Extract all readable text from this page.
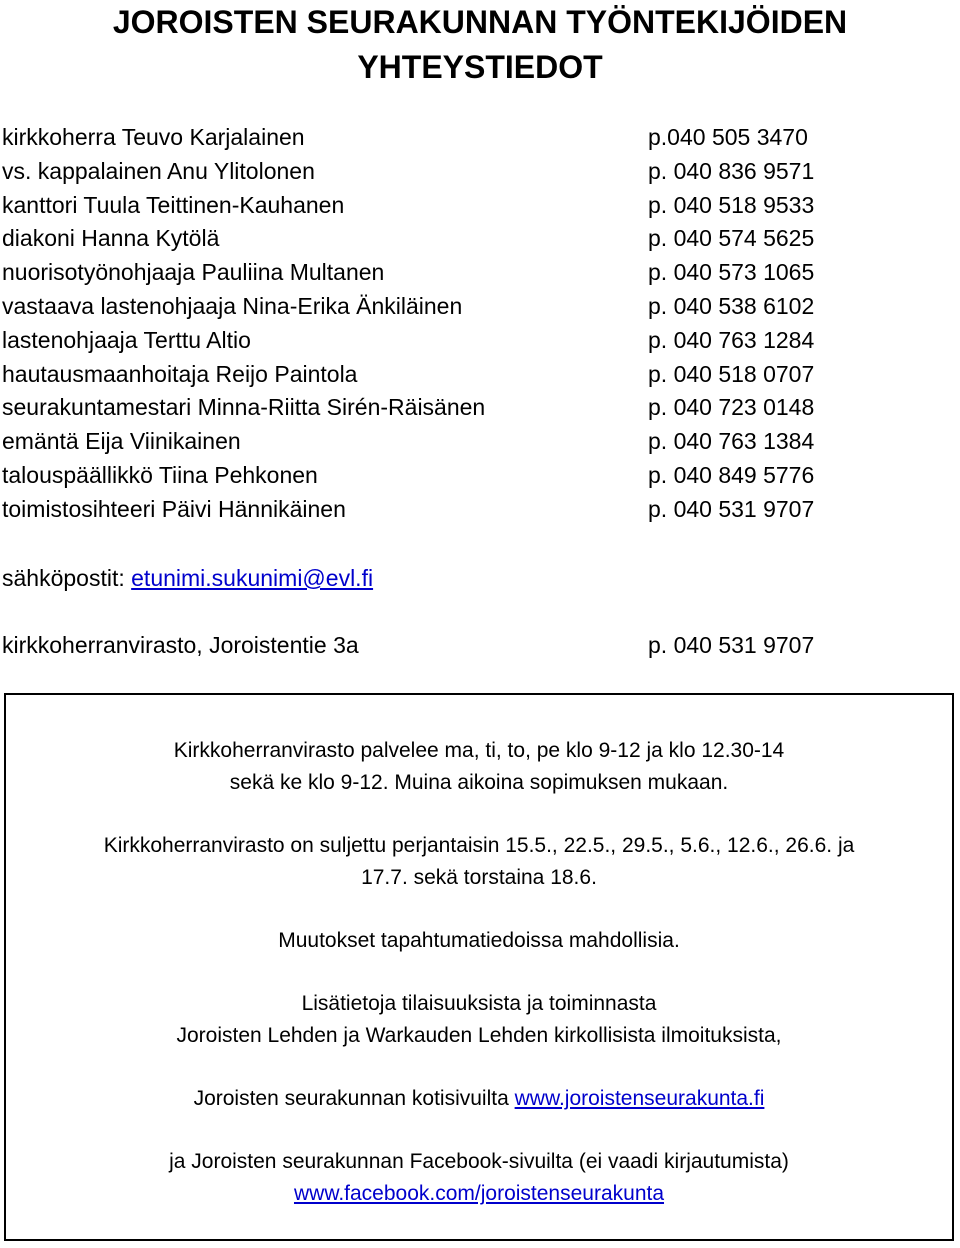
JOROISTEN SEURAKUNNAN TYÖNTEKIJÖIDEN
YHTEYSTIEDOT
kirkkoherra Teuvo Karjalainen	p.040 505 3470
vs. kappalainen Anu Ylitolonen	p. 040 836 9571
kanttori Tuula Teittinen-Kauhanen	p. 040 518 9533
diakoni Hanna Kytölä	p. 040 574 5625
nuorisotyönohjaaja Pauliina Multanen	p. 040 573 1065
vastaava lastenohjaaja Nina-Erika Änkiläinen	p. 040 538 6102
lastenohjaaja Terttu Altio	p. 040 763 1284
hautausmaanhoitaja Reijo Paintola	p. 040 518 0707
seurakuntamestari Minna-Riitta Sirén-Räisänen	p. 040 723 0148
emäntä Eija Viinikainen	p. 040 763 1384
talouspäällikkö Tiina Pehkonen	p. 040 849 5776
toimistosihteeri Päivi Hännikäinen	p. 040 531 9707
sähköpostit: etunimi.sukunimi@evl.fi
kirkkoherranvirasto, Joroistentie 3a	p. 040 531 9707

Kirkkoherranvirasto palvelee ma, ti, to, pe klo 9-12 ja klo 12.30-14

sekä ke klo 9-12. Muina aikoina sopimuksen mukaan.

Kirkkoherranvirasto on suljettu perjantaisin 15.5., 22.5., 29.5., 5.6., 12.6., 26.6. ja

17.7. sekä torstaina 18.6.

Muutokset tapahtumatiedoissa mahdollisia.

Lisätietoja tilaisuuksista ja toiminnasta

Joroisten Lehden ja Warkauden Lehden kirkollisista ilmoituksista,

Joroisten seurakunnan kotisivuilta www.joroistenseurakunta.fi

ja Joroisten seurakunnan Facebook-sivuilta (ei vaadi kirjautumista)

www.facebook.com/joroistenseurakunta
